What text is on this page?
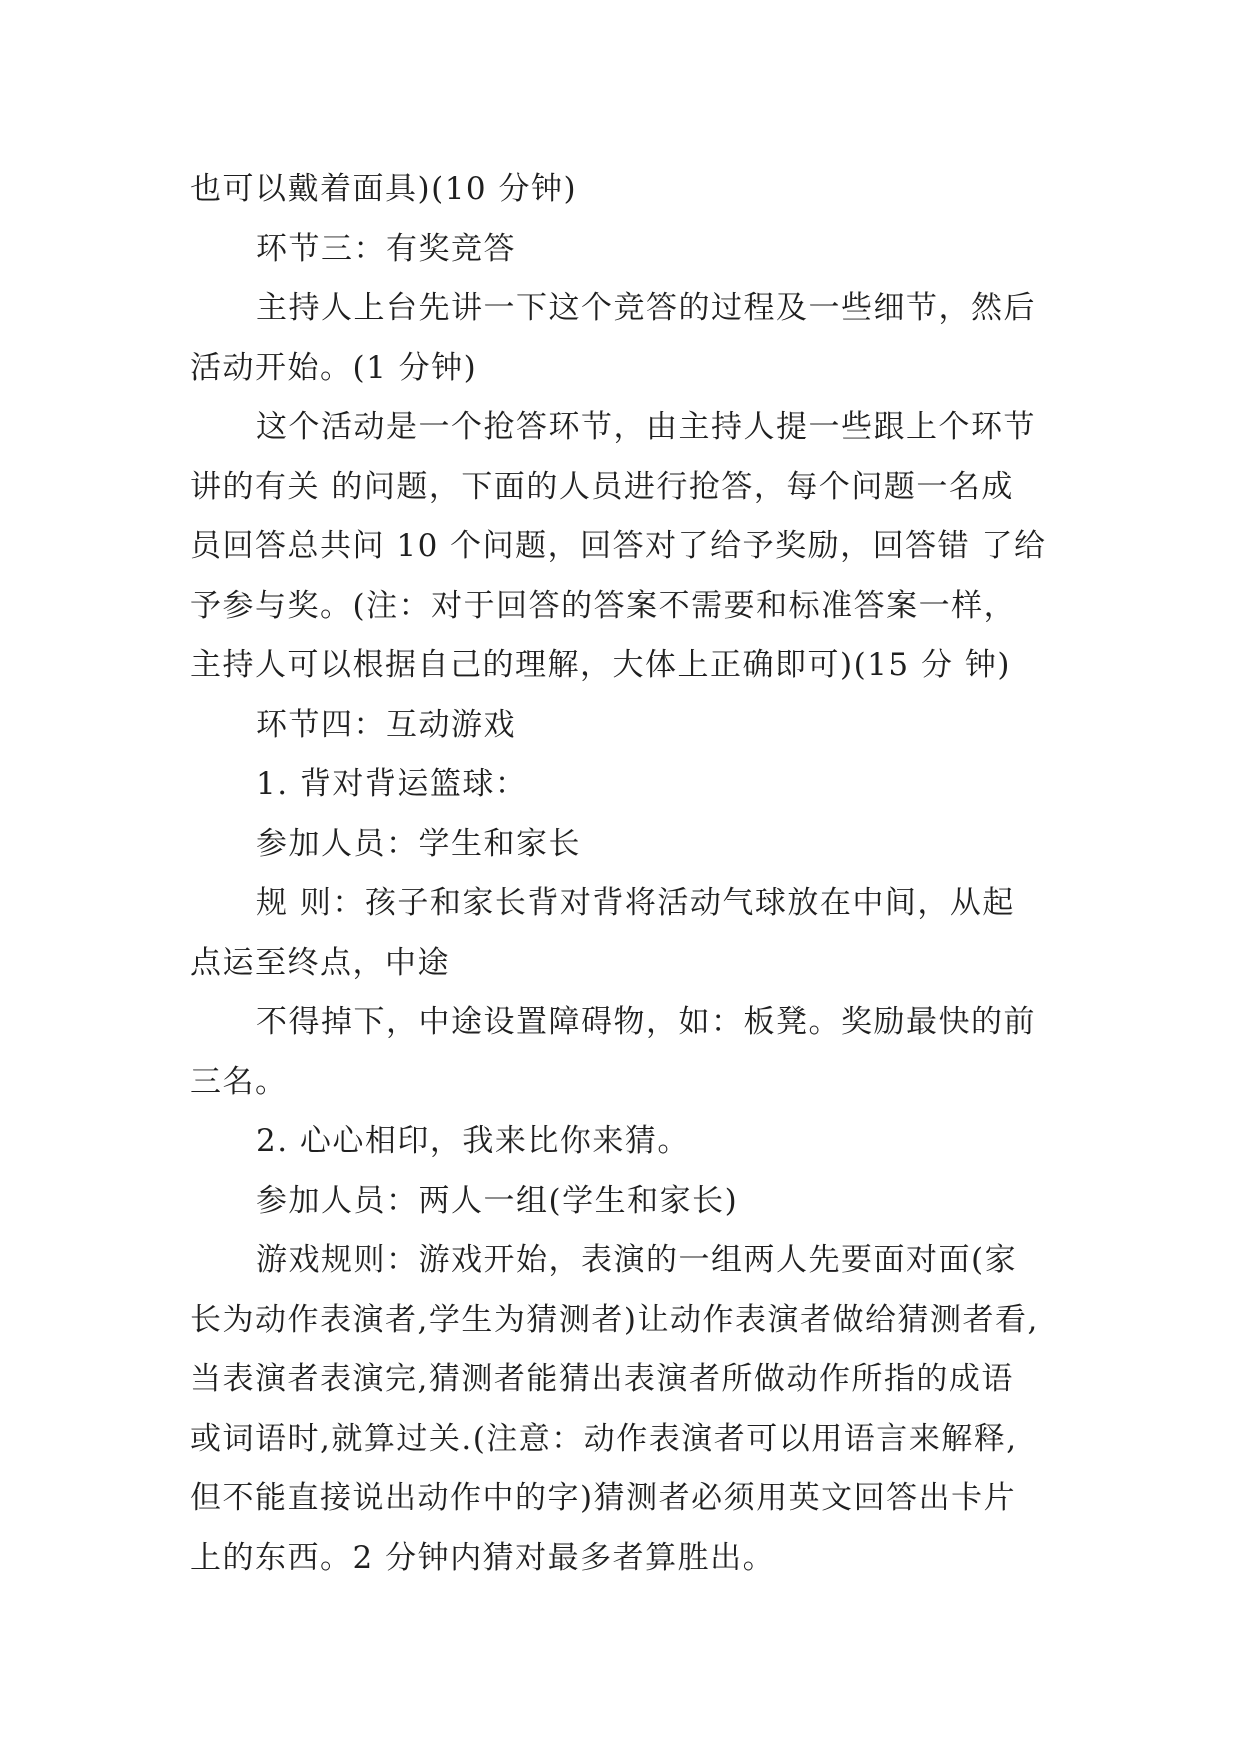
也可以戴着面具)(10 分钟)
环节三：有奖竞答
主持人上台先讲一下这个竞答的过程及一些细节，然后
活动开始。(1 分钟)
这个活动是一个抢答环节，由主持人提一些跟上个环节
讲的有关 的问题，下面的人员进行抢答，每个问题一名成
员回答总共问 10 个问题，回答对了给予奖励，回答错 了给
予参与奖。(注：对于回答的答案不需要和标准答案一样，
主持人可以根据自己的理解，大体上正确即可)(15 分 钟)
环节四：互动游戏
1. 背对背运篮球：
参加人员：学生和家长
规 则：孩子和家长背对背将活动气球放在中间，从起
点运至终点，中途
不得掉下，中途设置障碍物，如：板凳。奖励最快的前
三名。
2. 心心相印，我来比你来猜。
参加人员：两人一组(学生和家长)
游戏规则：游戏开始，表演的一组两人先要面对面(家
长为动作表演者,学生为猜测者)让动作表演者做给猜测者看,
当表演者表演完,猜测者能猜出表演者所做动作所指的成语
或词语时,就算过关.(注意：动作表演者可以用语言来解释,
但不能直接说出动作中的字)猜测者必须用英文回答出卡片
上的东西。2 分钟内猜对最多者算胜出。
